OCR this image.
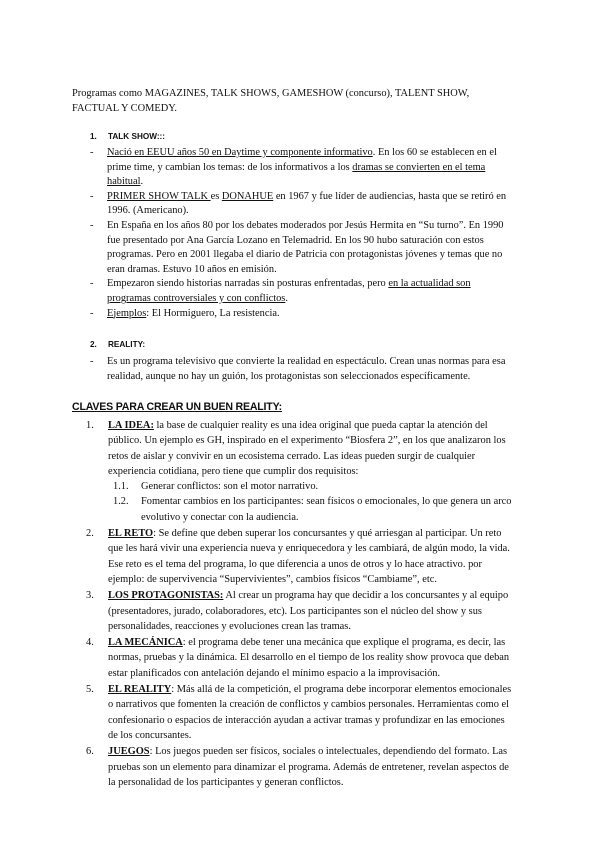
Programas como MAGAZINES, TALK SHOWS, GAMESHOW (concurso), TALENT SHOW, FACTUAL Y COMEDY.
1. TALK SHOW:::
- Nació en EEUU años 50 en Daytime y componente informativo. En los 60 se establecen en el prime time, y cambian los temas: de los informativos a los dramas se convierten en el tema habitual.
- PRIMER SHOW TALK es DONAHUE en 1967 y fue líder de audiencias, hasta que se retiró en 1996. (Americano).
- En España en los años 80 por los debates moderados por Jesús Hermita en “Su turno”. En 1990 fue presentado por Ana García Lozano en Telemadrid. En los 90 hubo saturación con estos programas. Pero en 2001 llegaba el diario de Patricia con protagonistas jóvenes y temas que no eran dramas. Estuvo 10 años en emisión.
- Empezaron siendo historias narradas sin posturas enfrentadas, pero en la actualidad son programas controversiales y con conflictos.
- Ejemplos: El Hormiguero, La resistencia.
2. REALITY:
- Es un programa televisivo que convierte la realidad en espectáculo. Crean unas normas para esa realidad, aunque no hay un guión, los protagonistas son seleccionados específicamente.
CLAVES PARA CREAR UN BUEN REALITY:
1. LA IDEA: la base de cualquier reality es una idea original que pueda captar la atención del público. Un ejemplo es GH, inspirado en el experimento “Biosfera 2”, en los que analizaron los retos de aislar y convivir en un ecosistema cerrado. Las ideas pueden surgir de cualquier experiencia cotidiana, pero tiene que cumplir dos requisitos:
1.1. Generar conflictos: son el motor narrativo.
1.2. Fomentar cambios en los participantes: sean físicos o emocionales, lo que genera un arco evolutivo y conectar con la audiencia.
2. EL RETO: Se define que deben superar los concursantes y qué arriesgan al participar. Un reto que les hará vivir una experiencia nueva y enriquecedora y les cambiará, de algún modo, la vida. Ese reto es el tema del programa, lo que diferencia a unos de otros y lo hace atractivo. por ejemplo: de supervivencia “Supervivientes”, cambios físicos “Cambiame”, etc.
3. LOS PROTAGONISTAS: Al crear un programa hay que decidir a los concursantes y al equipo (presentadores, jurado, colaboradores, etc). Los participantes son el núcleo del show y sus personalidades, reacciones y evoluciones crean las tramas.
4. LA MECÁNICA: el programa debe tener una mecánica que explique el programa, es decir, las normas, pruebas y la dinámica. El desarrollo en el tiempo de los reality show provoca que deban estar planificados con antelación dejando el mínimo espacio a la improvisación.
5. EL REALITY: Más allá de la competición, el programa debe incorporar elementos emocionales o narrativos que fomenten la creación de conflictos y cambios personales. Herramientas como el confesionario o espacios de interacción ayudan a activar tramas y profundizar en las emociones de los concursantes.
6. JUEGOS: Los juegos pueden ser físicos, sociales o intelectuales, dependiendo del formato. Las pruebas son un elemento para dinamizar el programa. Además de entretener, revelan aspectos de la personalidad de los participantes y generan conflictos.
